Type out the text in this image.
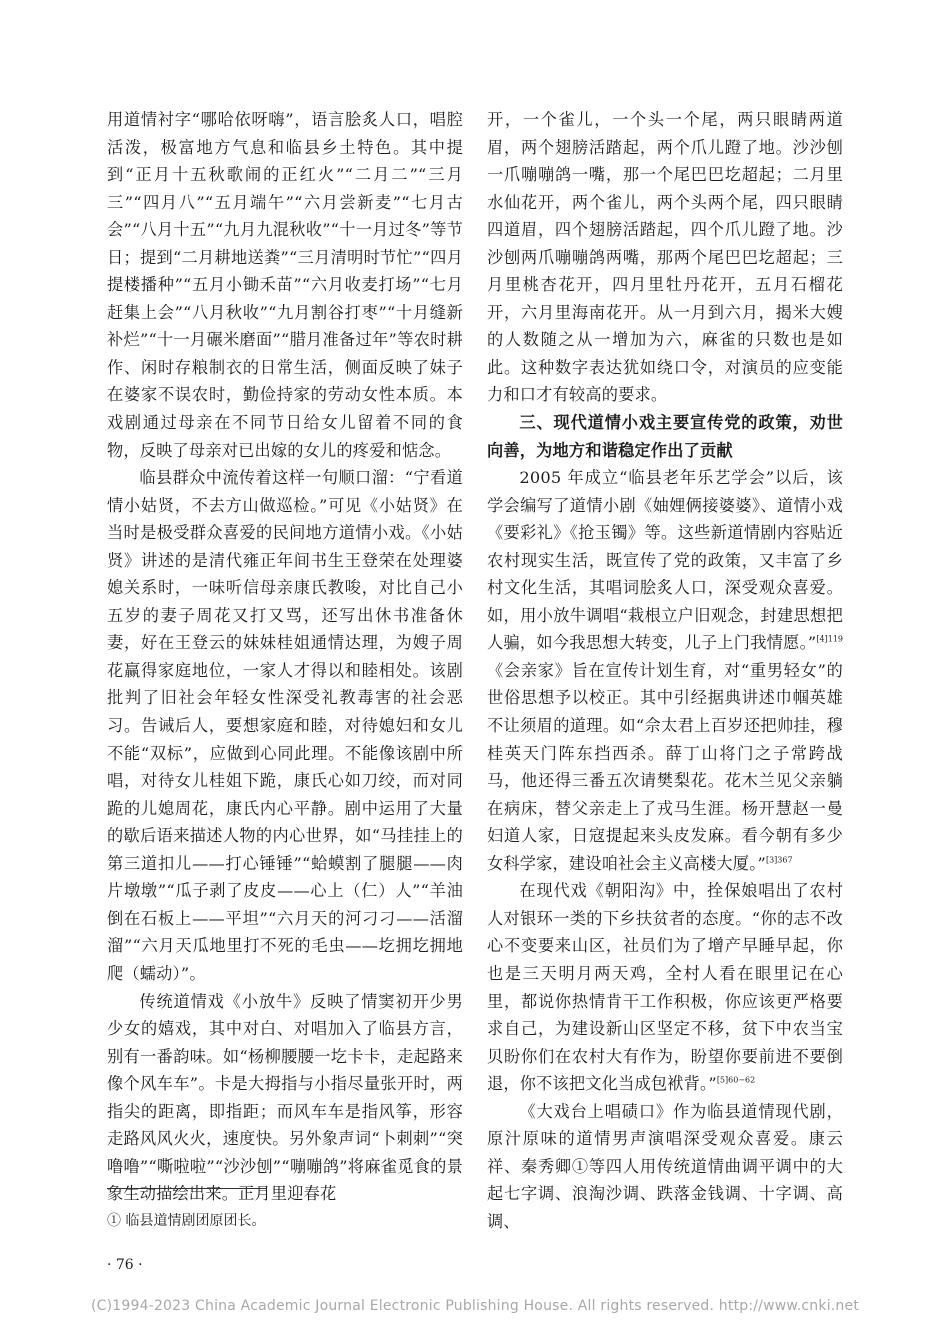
用道情衬字“哪哈依呀嗨”，语言脍炙人口，唱腔活泼，极富地方气息和临县乡土特色。其中提到“正月十五秋歌闹的正红火”“二月二”“三月三”“四月八”“五月端午”“六月尝新麦”“七月古会”“八月十五”“九月九混秋收”“十一月过冬”等节日；提到“二月耕地送粪”“三月清明时节忙”“四月提楼播种”“五月小锄禾苗”“六月收麦打场”“七月赶集上会”“八月秋收”“九月割谷打枣”“十月缝新补烂”“十一月碾米磨面”“腊月准备过年”等农时耕作、闲时存粮制衣的日常生活，侧面反映了妹子在婆家不误农时，勤俭持家的劳动女性本质。本戏剧通过母亲在不同节日给女儿留着不同的食物，反映了母亲对已出嫁的女儿的疼爱和惦念。

临县群众中流传着这样一句顺口溜：“宁看道情小姑贤，不去方山做巡检。”可见《小姑贤》在当时是极受群众喜爱的民间地方道情小戏。《小姑贤》讲述的是清代雍正年间书生王登荣在处理婆媳关系时，一味听信母亲康氏教唆，对比自己小五岁的妻子周花又打又骂，还写出休书准备休妻，好在王登云的妹妹桂姐通情达理，为嫂子周花赢得家庭地位，一家人才得以和睦相处。该剧批判了旧社会年轻女性深受礼教毒害的社会恶习。告诫后人，要想家庭和睦，对待媳妇和女儿不能“双标”，应做到心同此理。不能像该剧中所唱，对待女儿桂姐下跪，康氏心如刀绞，而对同跪的儿媳周花，康氏内心平静。剧中运用了大量的歇后语来描述人物的内心世界，如“马挂挂上的第三道扣儿——打心锤锤”“蛤蟆割了腿腿——肉片墩墩”“瓜子剥了皮皮——心上（仁）人”“羊油倒在石板上——平坦”“六月天的河刁刁——活溜溜”“六月天瓜地里打不死的毛虫——圪拥圪拥地爬（蠕动）”。

传统道情戏《小放牛》反映了情窦初开少男少女的嬉戏，其中对白、对唱加入了临县方言，别有一番韵味。如“杨柳腰腰一圪卡卡，走起路来像个风车车”。卡是大拇指与小指尽量张开时，两指尖的距离，即指距；而风车车是指风筝，形容走路风风火火，速度快。另外象声词“卜刺刺”“突噜噜”“嘶啦啦”“沙沙刨”“嘣嘣鸽”将麻雀觅食的景象生动描绘出来。正月里迎春花

开，一个雀儿，一个头一个尾，两只眼睛两道眉，两个翅膀活踏起，两个爪儿蹬了地。沙沙刨一爪嘣嘣鸽一嘴，那一个尾巴巴圪超起；二月里水仙花开，两个雀儿，两个头两个尾，四只眼睛四道眉，四个翅膀活踏起，四个爪儿蹬了地。沙沙刨两爪嘣嘣鸽两嘴，那两个尾巴巴圪超起；三月里桃杏花开，四月里牡丹花开，五月石榴花开，六月里海南花开。从一月到六月，揭米大嫂的人数随之从一增加为六，麻雀的只数也是如此。这种数字表达犹如绕口令，对演员的应变能力和口才有较高的要求。

三、现代道情小戏主要宣传党的政策，劝世向善，为地方和谐稳定作出了贡献

2005 年成立“临县老年乐艺学会”以后，该学会编写了道情小剧《妯娌俩接婆婆》、道情小戏《要彩礼》《抢玉镯》等。这些新道情剧内容贴近农村现实生活，既宣传了党的政策，又丰富了乡村文化生活，其唱词脍炙人口，深受观众喜爱。如，用小放牛调唱“栽根立户旧观念，封建思想把人骗，如今我思想大转变，儿子上门我情愿。”$^{[4]119}$《会亲家》旨在宣传计划生育，对“重男轻女”的世俗思想予以校正。其中引经据典讲述巾帼英雄不让须眉的道理。如“佘太君上百岁还把帅挂，穆桂英天门阵东挡西杀。薛丁山将门之子常跨战马，他还得三番五次请樊梨花。花木兰见父亲躺在病床，替父亲走上了戎马生涯。杨开慧赵一曼妇道人家，日寇提起来头皮发麻。看今朝有多少女科学家，建设咱社会主义高楼大厦。”$^{[3]367}$

在现代戏《朝阳沟》中，拴保娘唱出了农村人对银环一类的下乡扶贫者的态度。“你的志不改心不变要来山区，社员们为了增产早睡早起，你也是三天明月两天鸡，全村人看在眼里记在心里，都说你热情肯干工作积极，你应该更严格要求自己，为建设新山区坚定不移，贫下中农当宝贝盼你们在农村大有作为，盼望你要前进不要倒退，你不该把文化当成包袱背。”$^{[5]60-62}$

《大戏台上唱碛口》作为临县道情现代剧，原汁原味的道情男声演唱深受观众喜爱。康云祥、秦秀卿①等四人用传统道情曲调平调中的大起七字调、浪淘沙调、跌落金钱调、十字调、高调、

① 临县道情剧团原团长。
· 76 ·
(C)1994-2023 China Academic Journal Electronic Publishing House. All rights reserved. http://www.cnki.net
